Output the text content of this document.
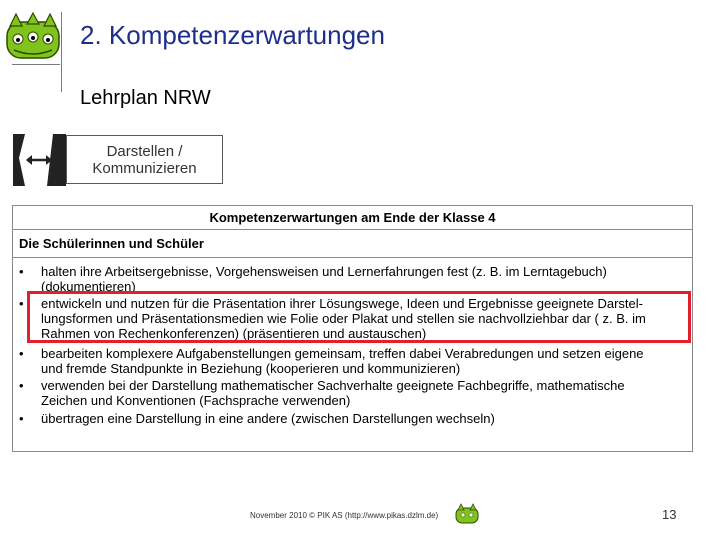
2. Kompetenzerwartungen
Lehrplan NRW
Darstellen /
Kommunizieren
Kompetenzerwartungen am Ende der Klasse 4
Die Schülerinnen und Schüler
•	halten ihre Arbeitsergebnisse, Vorgehensweisen und Lernerfahrungen fest (z. B. im Lerntagebuch)
(dokumentieren)
•	entwickeln und nutzen für die Präsentation ihrer Lösungswege, Ideen und Ergebnisse geeignete Darstel-
lungsformen und Präsentationsmedien wie Folie oder Plakat und stellen sie nachvollziehbar dar ( z. B. im
Rahmen von Rechenkonferenzen) (präsentieren und austauschen)
•	bearbeiten komplexere Aufgabenstellungen gemeinsam, treffen dabei Verabredungen und setzen eigene
und fremde Standpunkte in Beziehung (kooperieren und kommunizieren)
•	verwenden bei der Darstellung mathematischer Sachverhalte geeignete Fachbegriffe, mathematische
Zeichen und Konventionen (Fachsprache verwenden)
•	übertragen eine Darstellung in eine andere (zwischen Darstellungen wechseln)
November 2010 © PIK AS (http://www.pikas.dzlm.de)	13
